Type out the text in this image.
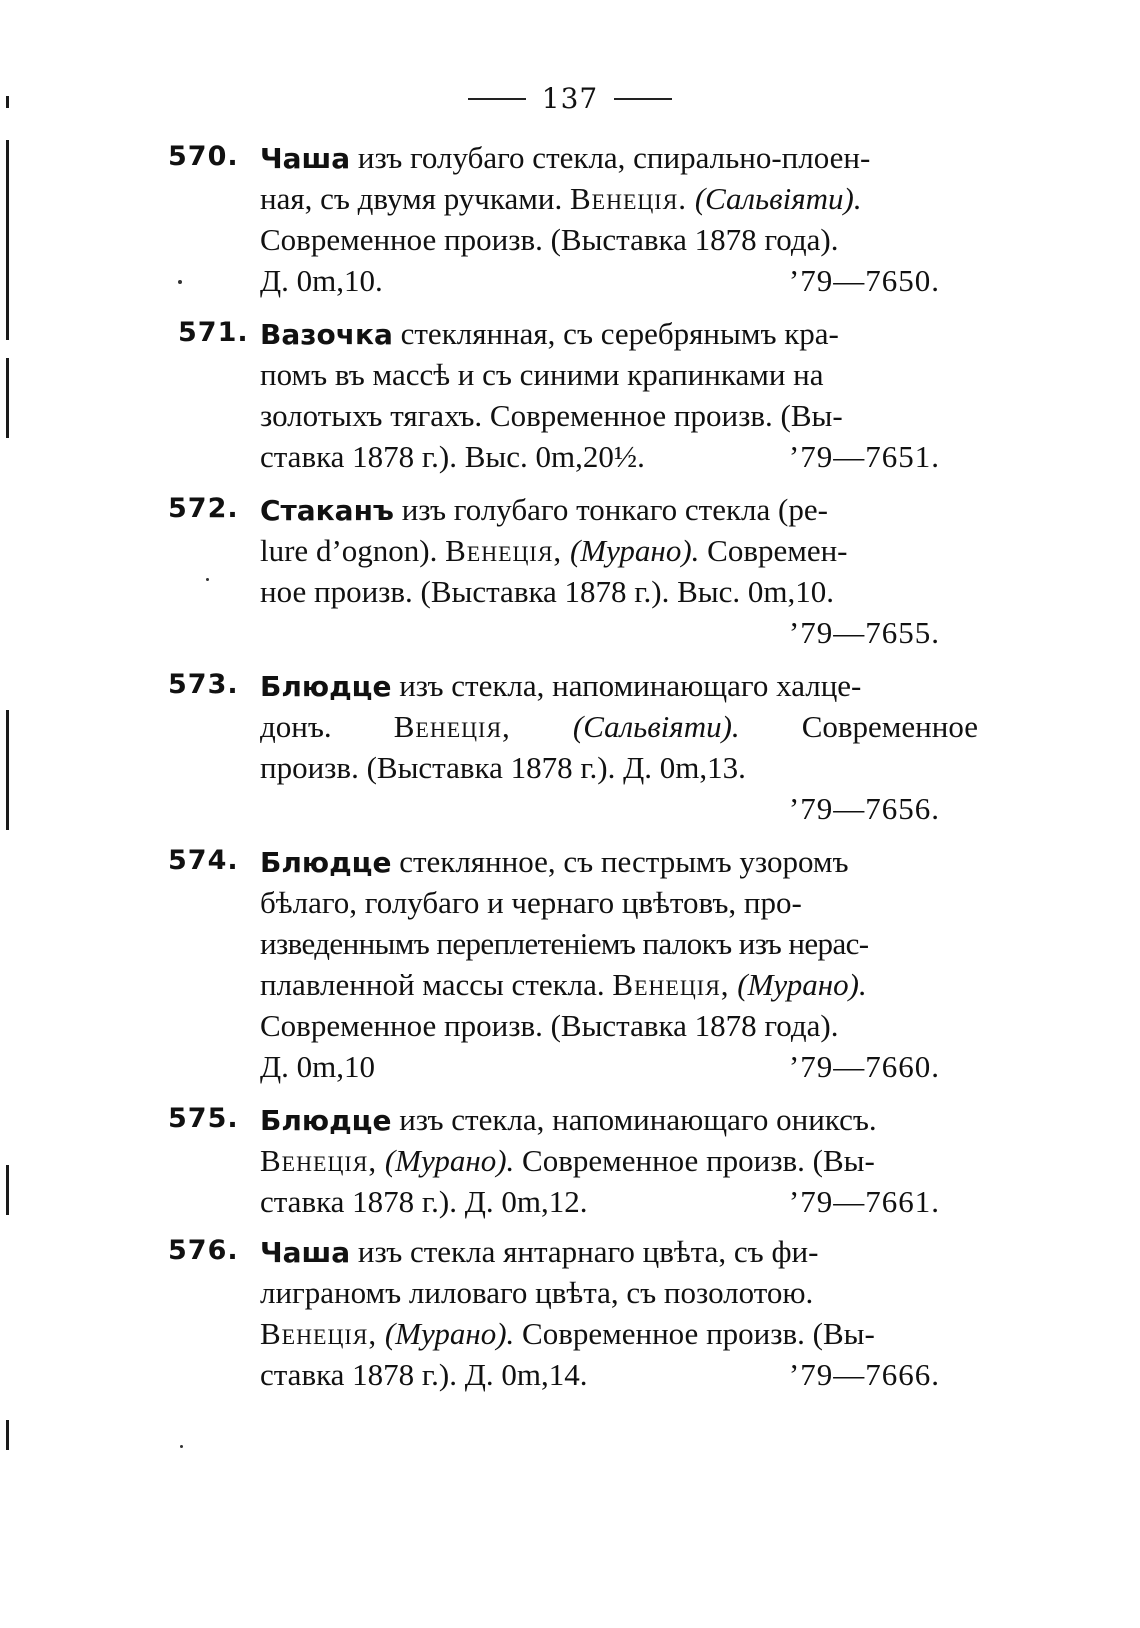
137
570. Чаша изъ голубаго стекла, спирально-плоен-
ная, съ двумя ручками. Венеція. (Сальвіяти).
Современное произв. (Выставка 1878 года).
Д. 0m,10.	’79—7650.
571. Вазочка стеклянная, съ серебрянымъ кра-
помъ въ массѣ и съ синими крапинками на
золотыхъ тягахъ. Современное произв. (Вы-
ставка 1878 г.). Выс. 0m,20½.	’79—7651.
572. Стаканъ изъ голубаго тонкаго стекла (pe-
lure d’ognon). Венеція, (Мурано). Современ-
ное произв. (Выставка 1878 г.). Выс. 0m,10.
’79—7655.
573. Блюдце изъ стекла, напоминающаго халце-
донъ. Венеція, (Сальвіяти). Современное
произв. (Выставка 1878 г.). Д. 0m,13.
’79—7656.
574. Блюдце стеклянное, съ пестрымъ узоромъ
бѣлаго, голубаго и чернаго цвѣтовъ, про-
изведеннымъ переплетеніемъ палокъ изъ нерас-
плавленной массы стекла. Венеція, (Мурано).
Современное произв. (Выставка 1878 года).
Д. 0m,10	’79—7660.
575. Блюдце изъ стекла, напоминающаго ониксъ.
Венеція, (Мурано). Современное произв. (Вы-
ставка 1878 г.). Д. 0m,12.	’79—7661.
576. Чаша изъ стекла янтарнаго цвѣта, съ фи-
лиграномъ лиловаго цвѣта, съ позолотою.
Венеція, (Мурано). Современное произв. (Вы-
ставка 1878 г.). Д. 0m,14.	’79—7666.
